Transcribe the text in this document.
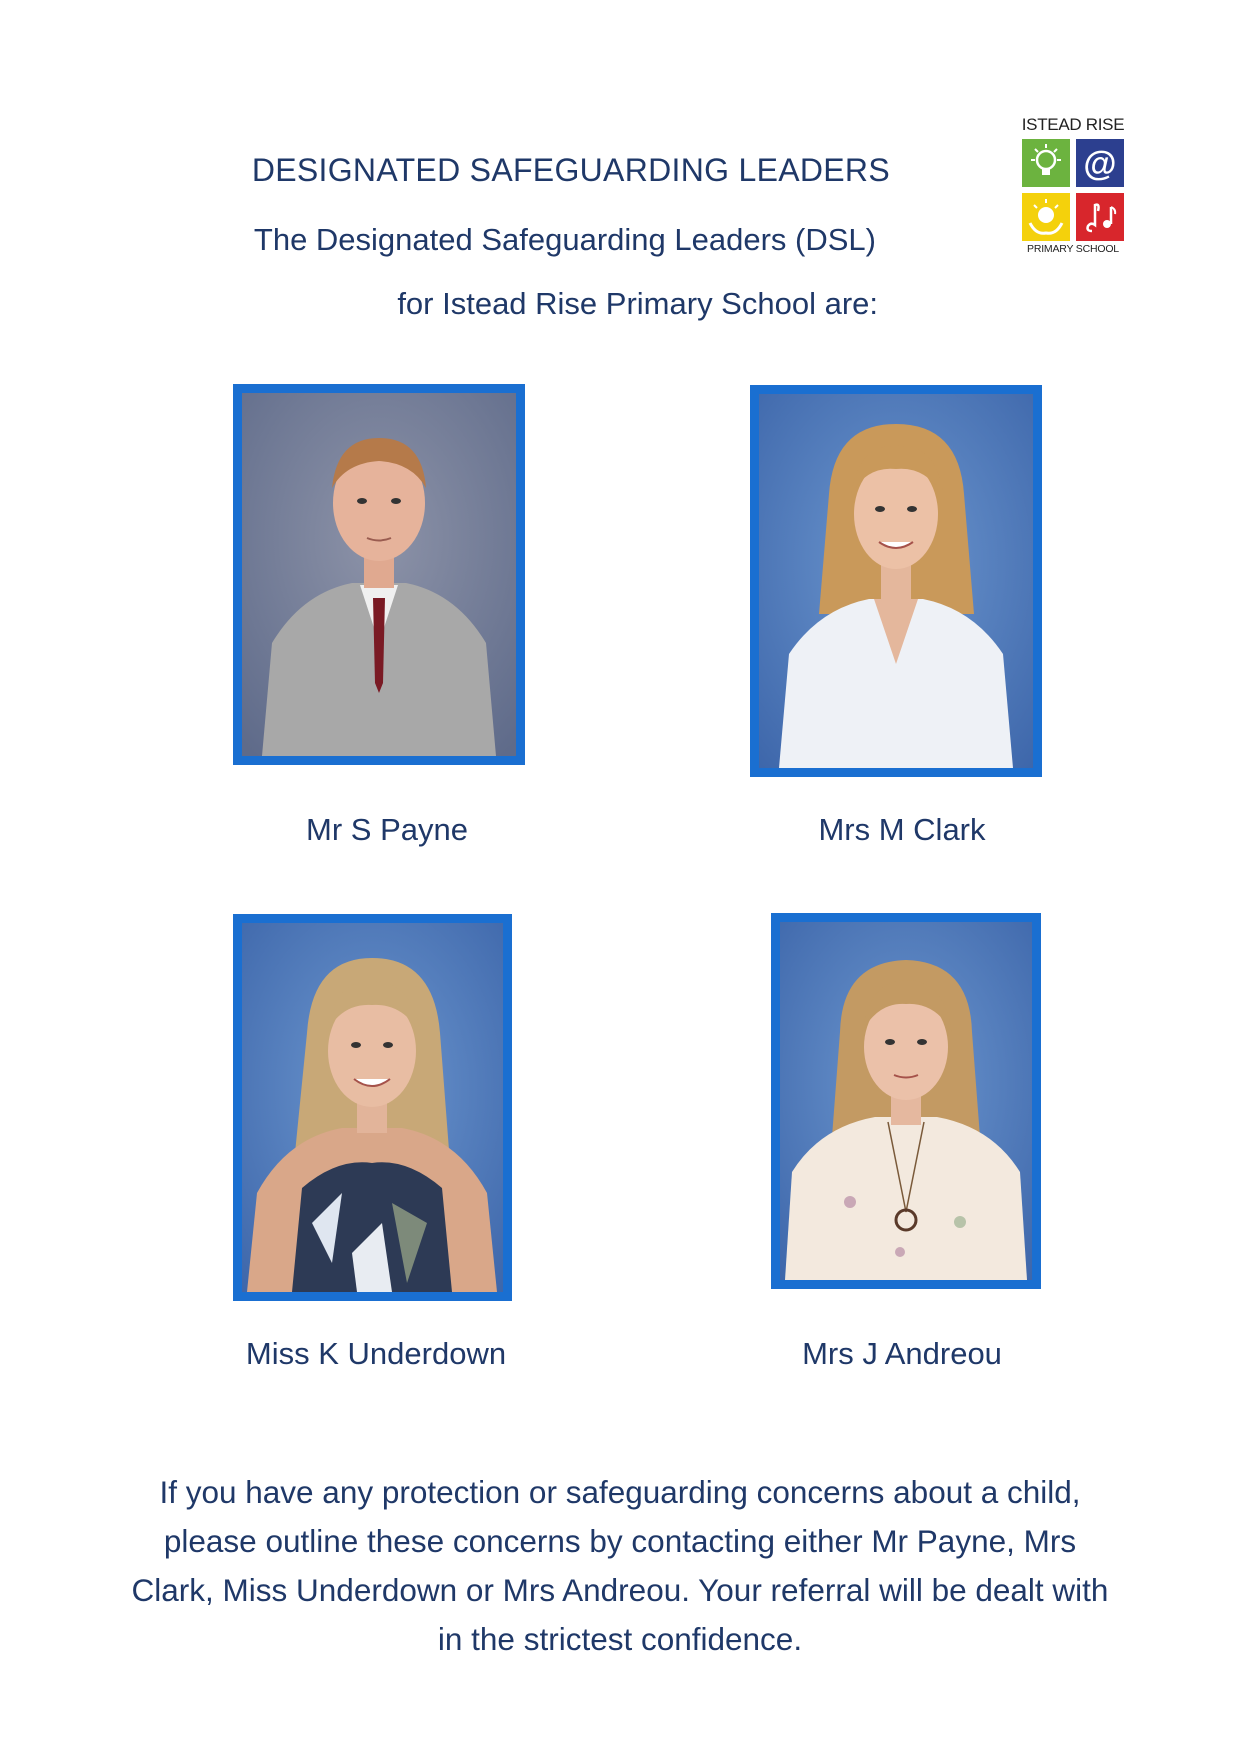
DESIGNATED SAFEGUARDING LEADERS
The Designated Safeguarding Leaders (DSL)
for Istead Rise Primary School are:
ISTEAD RISE
@
PRIMARY SCHOOL
Mr S Payne	Mrs M Clark
Miss K Underdown	Mrs J Andreou
If you have any protection or safeguarding concerns about a child,
please outline these concerns by contacting either Mr Payne, Mrs
Clark, Miss Underdown or Mrs Andreou. Your referral will be dealt with
in the strictest confidence.
